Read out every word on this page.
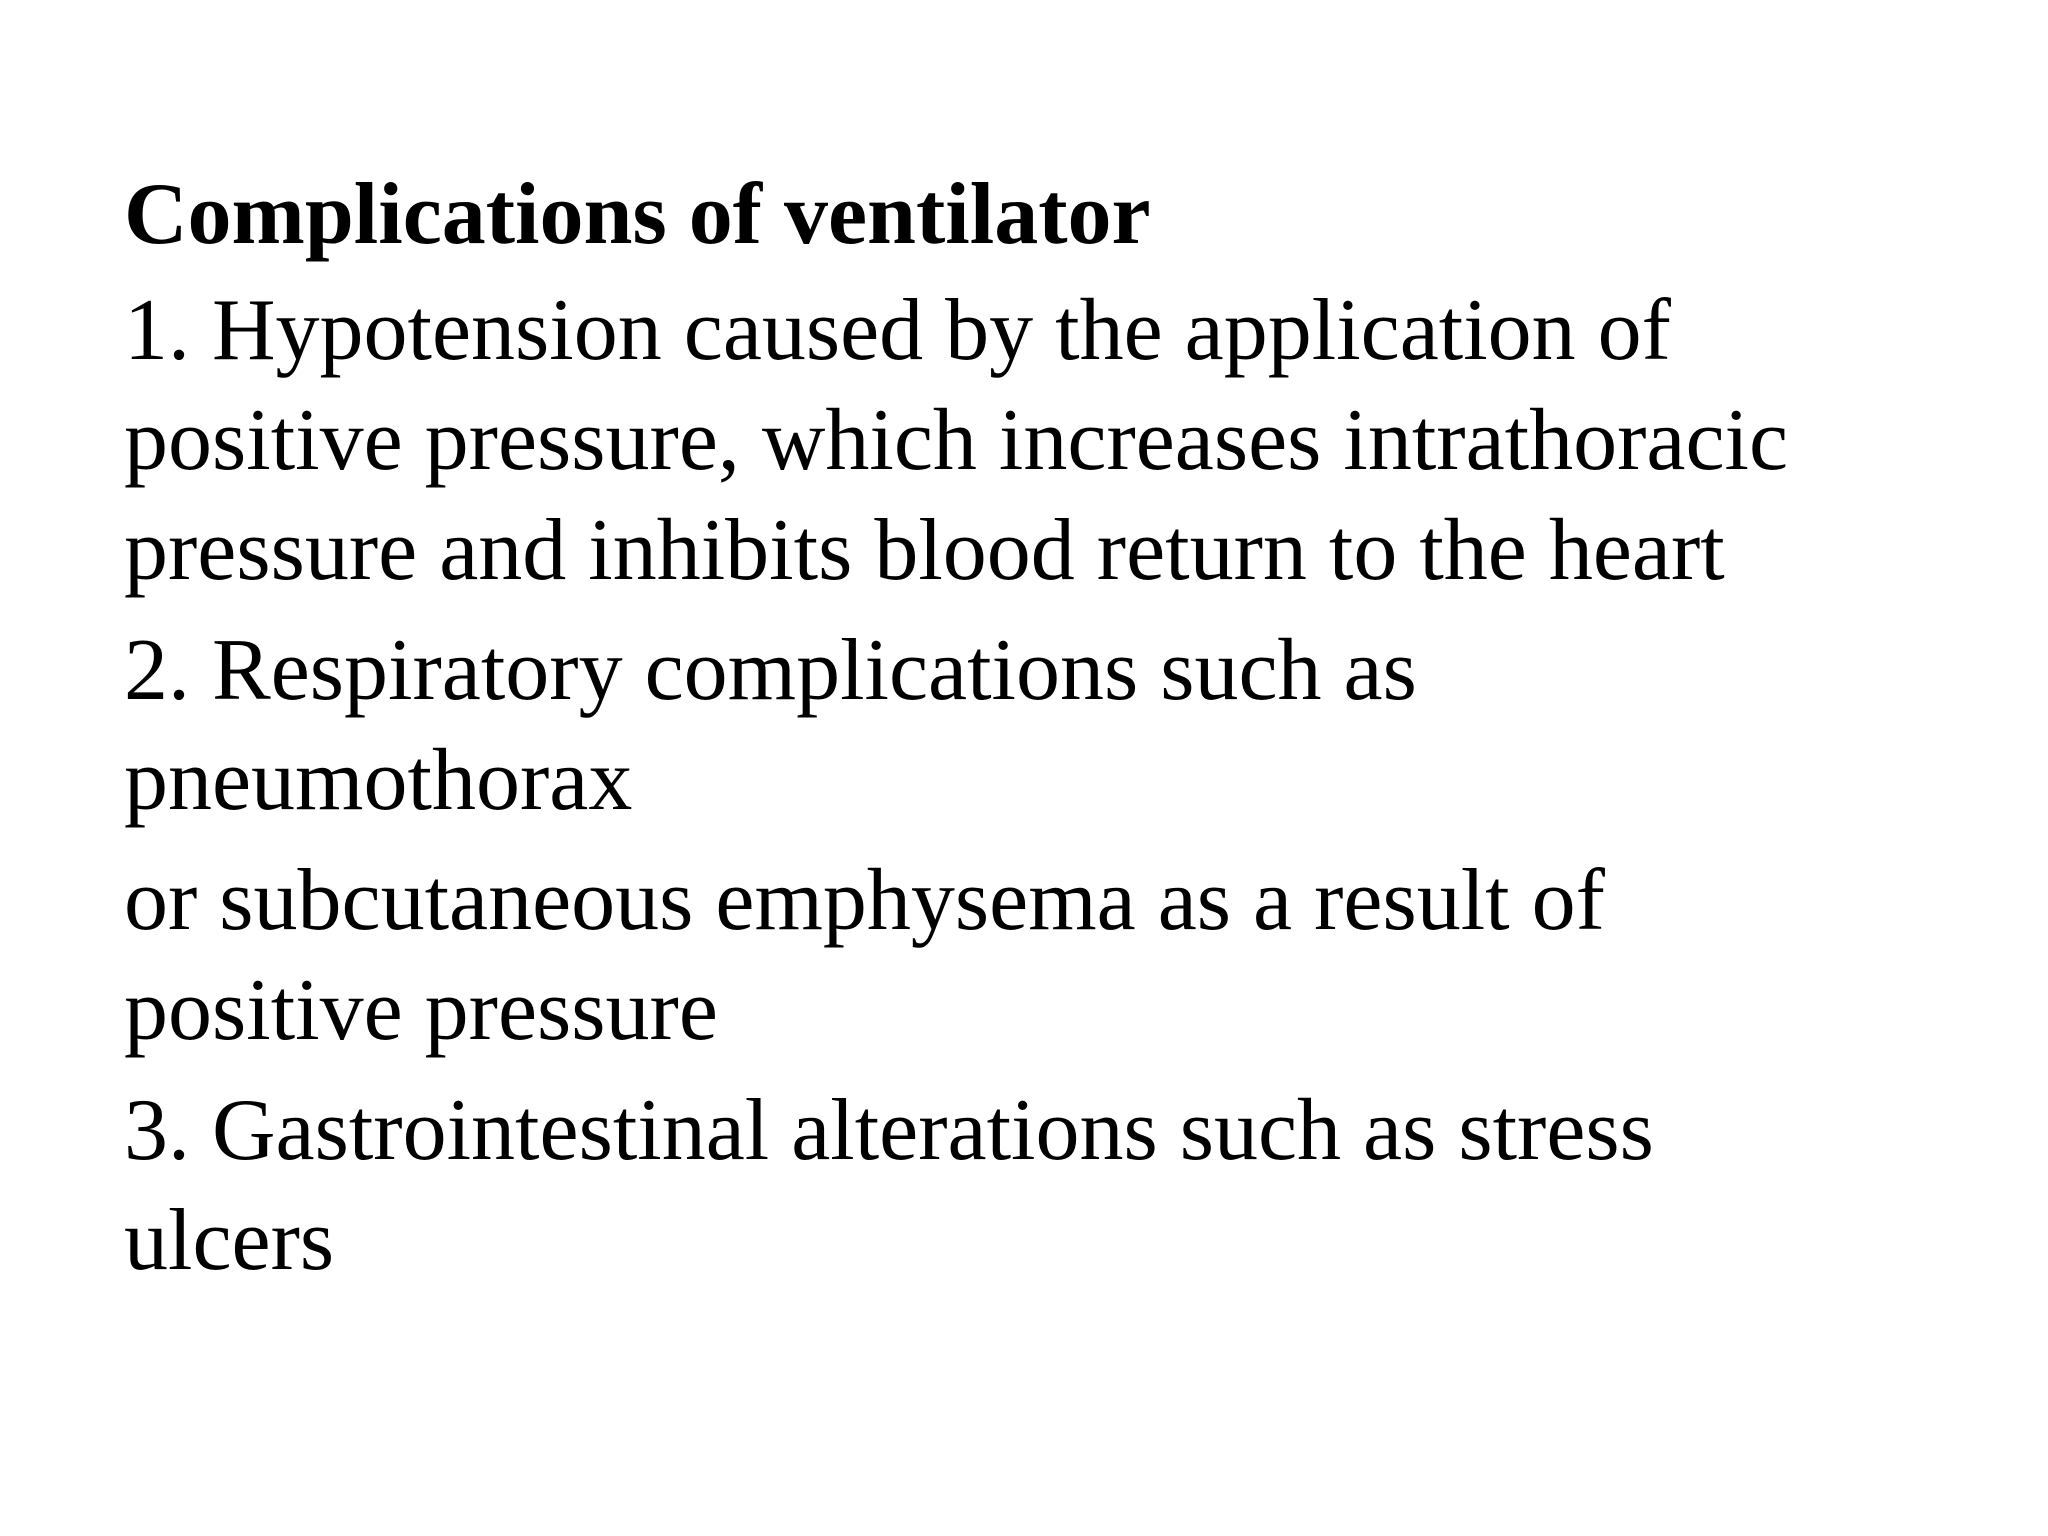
Complications of ventilator
1. Hypotension caused by the application of
positive pressure, which increases intrathoracic
pressure and inhibits blood return to the heart
2. Respiratory complications such as
pneumothorax
or subcutaneous emphysema as a result of
positive pressure
3. Gastrointestinal alterations such as stress
ulcers
